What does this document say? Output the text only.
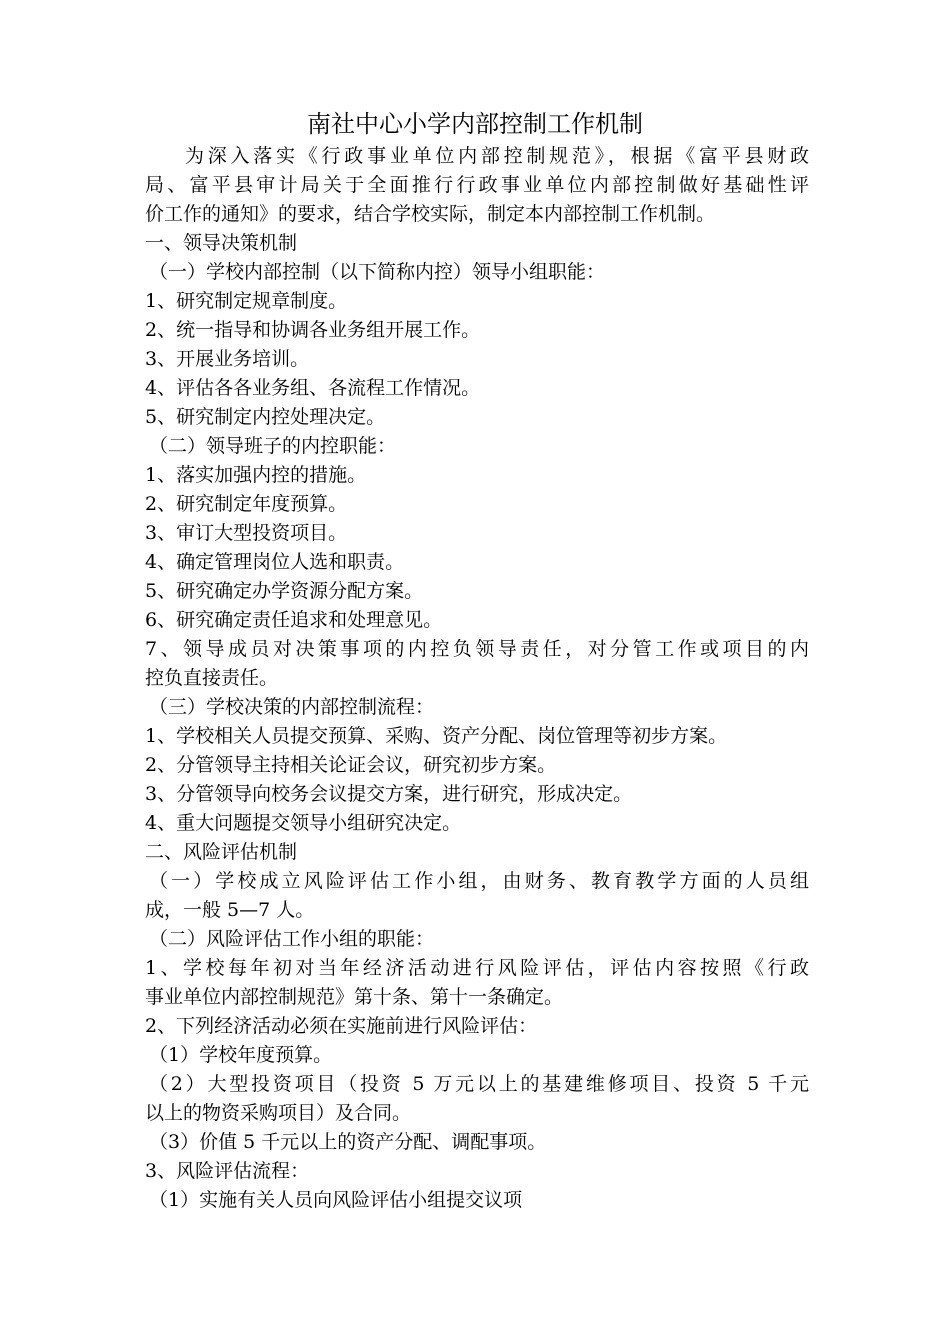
南社中心小学内部控制工作机制
为深入落实《行政事业单位内部控制规范》，根据《富平县财政
局、富平县审计局关于全面推行行政事业单位内部控制做好基础性评
价工作的通知》的要求，结合学校实际，制定本内部控制工作机制。
一、领导决策机制
（一）学校内部控制（以下简称内控）领导小组职能：
1、研究制定规章制度。
2、统一指导和协调各业务组开展工作。
3、开展业务培训。
4、评估各各业务组、各流程工作情况。
5、研究制定内控处理决定。
（二）领导班子的内控职能：
1、落实加强内控的措施。
2、研究制定年度预算。
3、审订大型投资项目。
4、确定管理岗位人选和职责。
5、研究确定办学资源分配方案。
6、研究确定责任追求和处理意见。
7、领导成员对决策事项的内控负领导责任，对分管工作或项目的内
控负直接责任。
（三）学校决策的内部控制流程：
1、学校相关人员提交预算、采购、资产分配、岗位管理等初步方案。
2、分管领导主持相关论证会议，研究初步方案。
3、分管领导向校务会议提交方案，进行研究，形成决定。
4、重大问题提交领导小组研究决定。
二、风险评估机制
（一）学校成立风险评估工作小组，由财务、教育教学方面的人员组
成，一般 5—7 人。
（二）风险评估工作小组的职能：
1、学校每年初对当年经济活动进行风险评估，评估内容按照《行政
事业单位内部控制规范》第十条、第十一条确定。
2、下列经济活动必须在实施前进行风险评估：
（1）学校年度预算。
（2）大型投资项目（投资 5 万元以上的基建维修项目、投资 5 千元
以上的物资采购项目）及合同。
（3）价值 5 千元以上的资产分配、调配事项。
3、风险评估流程：
（1）实施有关人员向风险评估小组提交议项
